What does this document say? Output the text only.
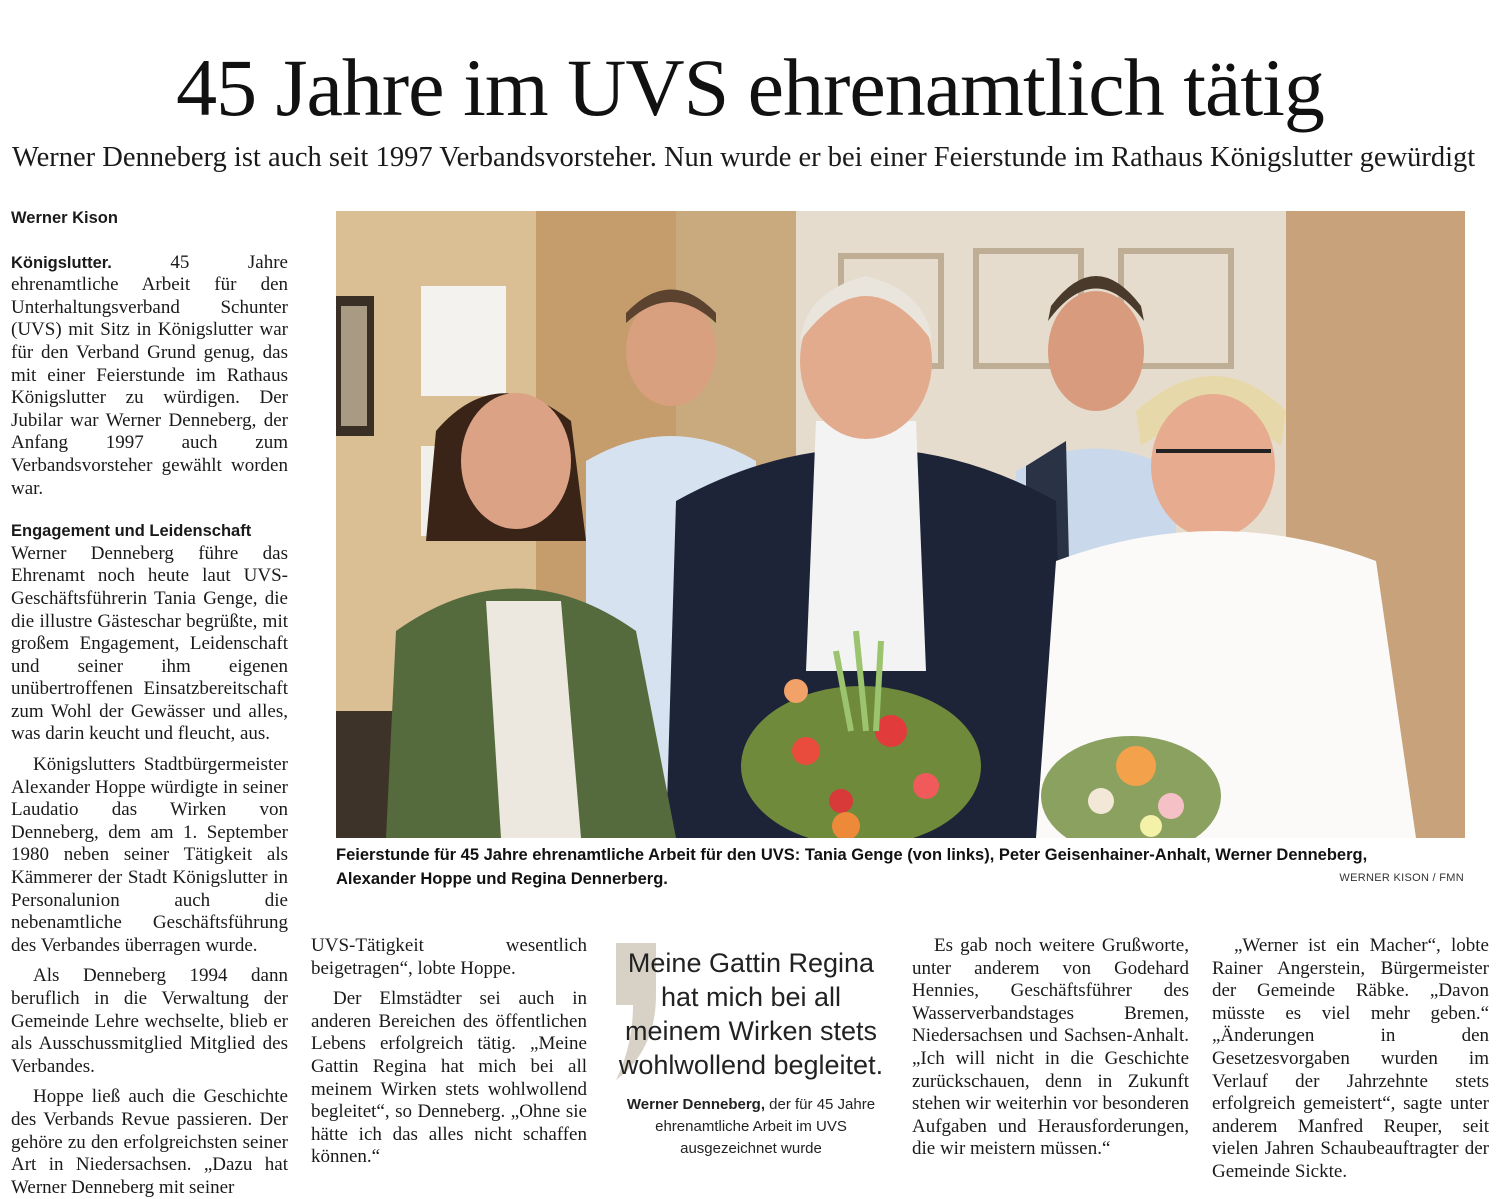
45 Jahre im UVS ehrenamtlich tätig
Werner Denneberg ist auch seit 1997 Verbandsvorsteher. Nun wurde er bei einer Feierstunde im Rathaus Königslutter gewürdigt

Werner Kison

Königslutter.	45 Jahre ehrenamtliche Arbeit für den Unterhaltungsverband Schunter (UVS) mit Sitz in Königslutter war für den Verband Grund genug, das mit einer Feierstunde im Rathaus Königslutter zu würdigen. Der Jubilar war Werner Denneberg, der Anfang 1997 auch zum Verbandsvorsteher gewählt worden war.

Engagement und Leidenschaft

Werner Denneberg führe das Ehrenamt noch heute laut UVS-Geschäftsführerin Tania Genge, die die illustre Gästeschar begrüßte, mit großem Engagement, Leidenschaft und seiner ihm eigenen unübertroffenen Einsatzbereitschaft zum Wohl der Gewässer und alles, was darin keucht und fleucht, aus.

Königslutters Stadtbürgermeister Alexander Hoppe würdigte in seiner Laudatio das Wirken von Denneberg, dem am 1. September 1980 neben seiner Tätigkeit als Kämmerer der Stadt Königslutter in Personalunion auch die nebenamtliche Geschäftsführung des Verbandes überragen wurde.

Als Denneberg 1994 dann beruflich in die Verwaltung der Gemeinde Lehre wechselte, blieb er als Ausschussmitglied Mitglied des Verbandes.

Hoppe ließ auch die Geschichte des Verbands Revue passieren. Der gehöre zu den erfolgreichsten seiner Art in Niedersachsen. „Dazu hat Werner Denneberg mit seiner

Feierstunde für 45 Jahre ehrenamtliche Arbeit für den UVS: Tania Genge (von links), Peter Geisenhainer-Anhalt, Werner Denneberg, Alexander Hoppe und Regina Dennerberg.	WERNER KISON / FMN

UVS-Tätigkeit wesentlich beigetragen“, lobte Hoppe.

Der Elmstädter sei auch in anderen Bereichen des öffentlichen Lebens erfolgreich tätig. „Meine Gattin Regina hat mich bei all meinem Wirken stets wohlwollend begleitet“, so Denneberg. „Ohne sie hätte ich das alles nicht schaffen können.“

Meine Gattin Regina hat mich bei all meinem Wirken stets wohlwollend begleitet.
Werner Denneberg, der für 45 Jahre ehrenamtliche Arbeit im UVS ausgezeichnet wurde

Es gab noch weitere Grußworte, unter anderem von Godehard Hennies, Geschäftsführer des Wasserverbandstages Bremen, Niedersachsen und Sachsen-Anhalt. „Ich will nicht in die Geschichte zurückschauen, denn in Zukunft stehen wir weiterhin vor besonderen Aufgaben und Herausforderungen, die wir meistern müssen.“

„Werner ist ein Macher“, lobte Rainer Angerstein, Bürgermeister der Gemeinde Räbke. „Davon müsste es viel mehr geben.“ „Änderungen in den Gesetzesvorgaben wurden im Verlauf der Jahrzehnte stets erfolgreich gemeistert“, sagte unter anderem Manfred Reuper, seit vielen Jahren Schaubeauftragter der Gemeinde Sickte.
